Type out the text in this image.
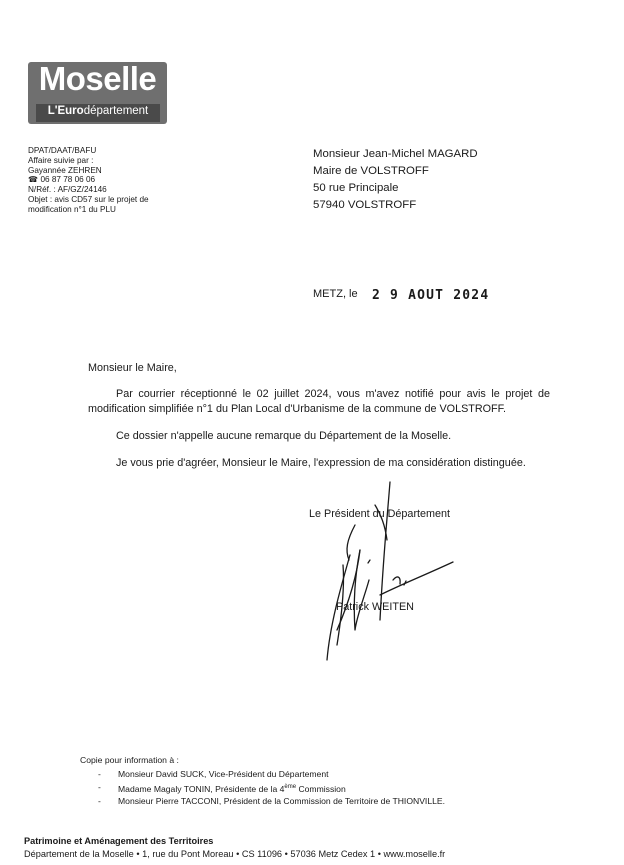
Moselle
L'Eurodépartement
DPAT/DAAT/BAFU
Affaire suivie par :
Gayannée ZEHREN
☎ 06 87 78 06 06
N/Réf. : AF/GZ/24146
Objet : avis CD57 sur le projet de
modification n°1 du PLU
Monsieur Jean-Michel MAGARD
Maire de VOLSTROFF
50 rue Principale
57940 VOLSTROFF
METZ, le 2 9 AOUT 2024
Monsieur le Maire,
Par courrier réceptionné le 02 juillet 2024, vous m'avez notifié pour avis le projet de modification simplifiée n°1 du Plan Local d'Urbanisme de la commune de VOLSTROFF.
Ce dossier n'appelle aucune remarque du Département de la Moselle.
Je vous prie d'agréer, Monsieur le Maire, l'expression de ma considération distinguée.
Le Président du Département
Patrick WEITEN
Copie pour information à :
- Monsieur David SUCK, Vice-Président du Département
- Madame Magaly TONIN, Présidente de la 4ème Commission
- Monsieur Pierre TACCONI, Président de la Commission de Territoire de THIONVILLE.
Patrimoine et Aménagement des Territoires
Département de la Moselle • 1, rue du Pont Moreau • CS 11096 • 57036 Metz Cedex 1 • www.moselle.fr
